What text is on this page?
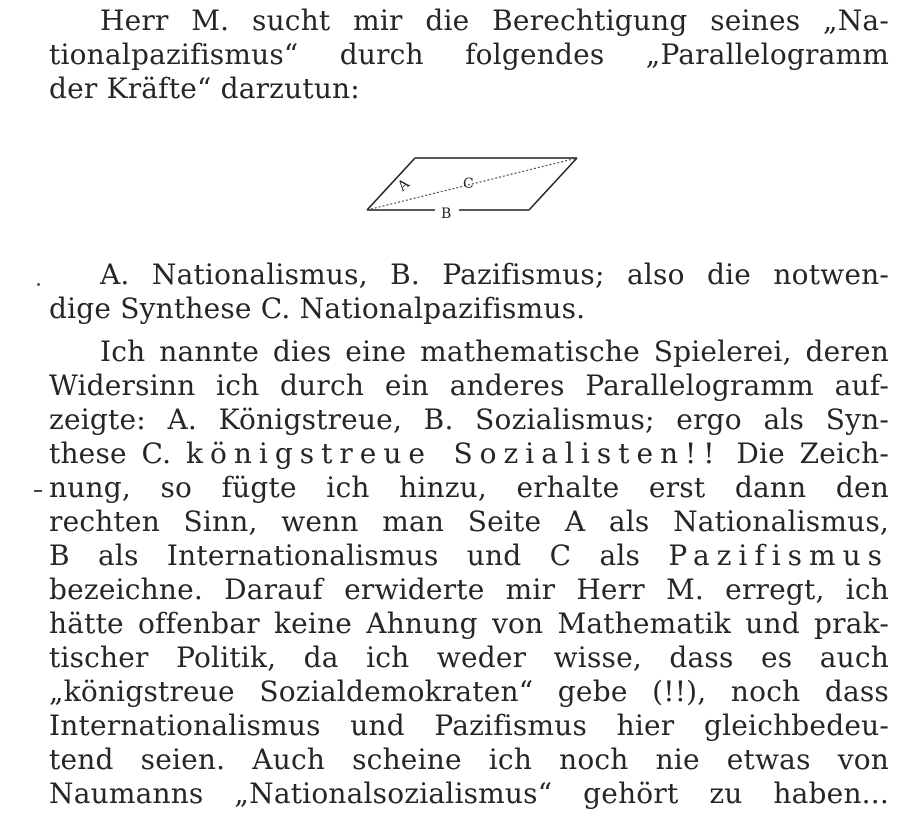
Herr M. sucht mir die Berechtigung seines „Na-
tionalpazifismus“ durch folgendes „Parallelogramm
der Kräfte“ darzutun:
A	C
B
A. Nationalismus, B. Pazifismus; also die notwen-
dige Synthese C. Nationalpazifismus.
Ich nannte dies eine mathematische Spielerei, deren
Widersinn ich durch ein anderes Parallelogramm auf-
zeigte: A. Königstreue, B. Sozialismus; ergo als Syn-
these C. königstreue Sozialisten!! Die Zeich-
nung, so fügte ich hinzu, erhalte erst dann den
rechten Sinn, wenn man Seite A als Nationalismus,
B als Internationalismus und C als Pazifismus
bezeichne. Darauf erwiderte mir Herr M. erregt, ich
hätte offenbar keine Ahnung von Mathematik und prak-
tischer Politik, da ich weder wisse, dass es auch
„königstreue Sozialdemokraten“ gebe (!!), noch dass
Internationalismus und Pazifismus hier gleichbedeu-
tend seien. Auch scheine ich noch nie etwas von
Naumanns „Nationalsozialismus“ gehört zu haben...
